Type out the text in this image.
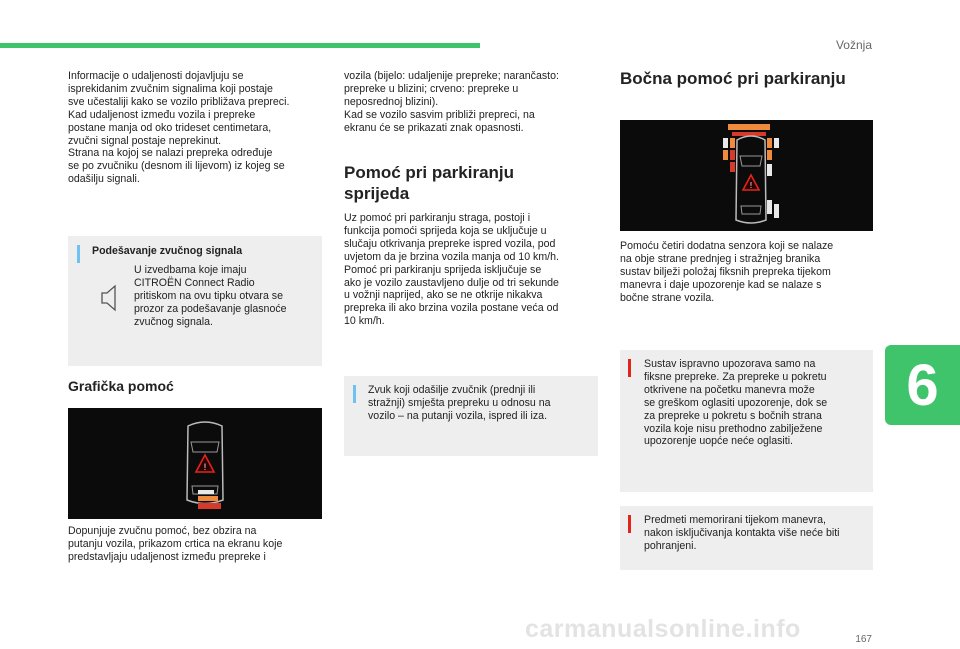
Vožnja
6
167
Informacije o udaljenosti dojavljuju se
isprekidanim zvučnim signalima koji postaje
sve učestaliji kako se vozilo približava prepreci.
Kad udaljenost između vozila i prepreke
postane manja od oko trideset centimetara,
zvučni signal postaje neprekinut.
Strana na kojoj se nalazi prepreka određuje
se po zvučniku (desnom ili lijevom) iz kojeg se
odašilju signali.
Podešavanje zvučnog signala
U izvedbama koje imaju
CITROËN Connect Radio
pritiskom na ovu tipku otvara se
prozor za podešavanje glasnoće
zvučnog signala.
Grafička pomoć
!
Dopunjuje zvučnu pomoć, bez obzira na
putanju vozila, prikazom crtica na ekranu koje
predstavljaju udaljenost između prepreke i
vozila (bijelo: udaljenije prepreke; narančasto:
prepreke u blizini; crveno: prepreke u
neposrednoj blizini).
Kad se vozilo sasvim približi prepreci, na
ekranu će se prikazati znak opasnosti.
Pomoć pri parkiranju
sprijeda
Uz pomoć pri parkiranju straga, postoji i
funkcija pomoći sprijeda koja se uključuje u
slučaju otkrivanja prepreke ispred vozila, pod
uvjetom da je brzina vozila manja od 10 km/h.
Pomoć pri parkiranju sprijeda isključuje se
ako je vozilo zaustavljeno dulje od tri sekunde
u vožnji naprijed, ako se ne otkrije nikakva
prepreka ili ako brzina vozila postane veća od
10 km/h.
Zvuk koji odašilje zvučnik (prednji ili
stražnji) smješta prepreku u odnosu na
vozilo – na putanji vozila, ispred ili iza.
Bočna pomoć pri parkiranju
!
Pomoću četiri dodatna senzora koji se nalaze
na obje strane prednjeg i stražnjeg branika
sustav bilježi položaj fiksnih prepreka tijekom
manevra i daje upozorenje kad se nalaze s
bočne strane vozila.
Sustav ispravno upozorava samo na
fiksne prepreke. Za prepreke u pokretu
otkrivene na početku manevra može
se greškom oglasiti upozorenje, dok se
za prepreke u pokretu s bočnih strana
vozila koje nisu prethodno zabilježene
upozorenje uopće neće oglasiti.
Predmeti memorirani tijekom manevra,
nakon isključivanja kontakta više neće biti
pohranjeni.
carmanualsonline.info
